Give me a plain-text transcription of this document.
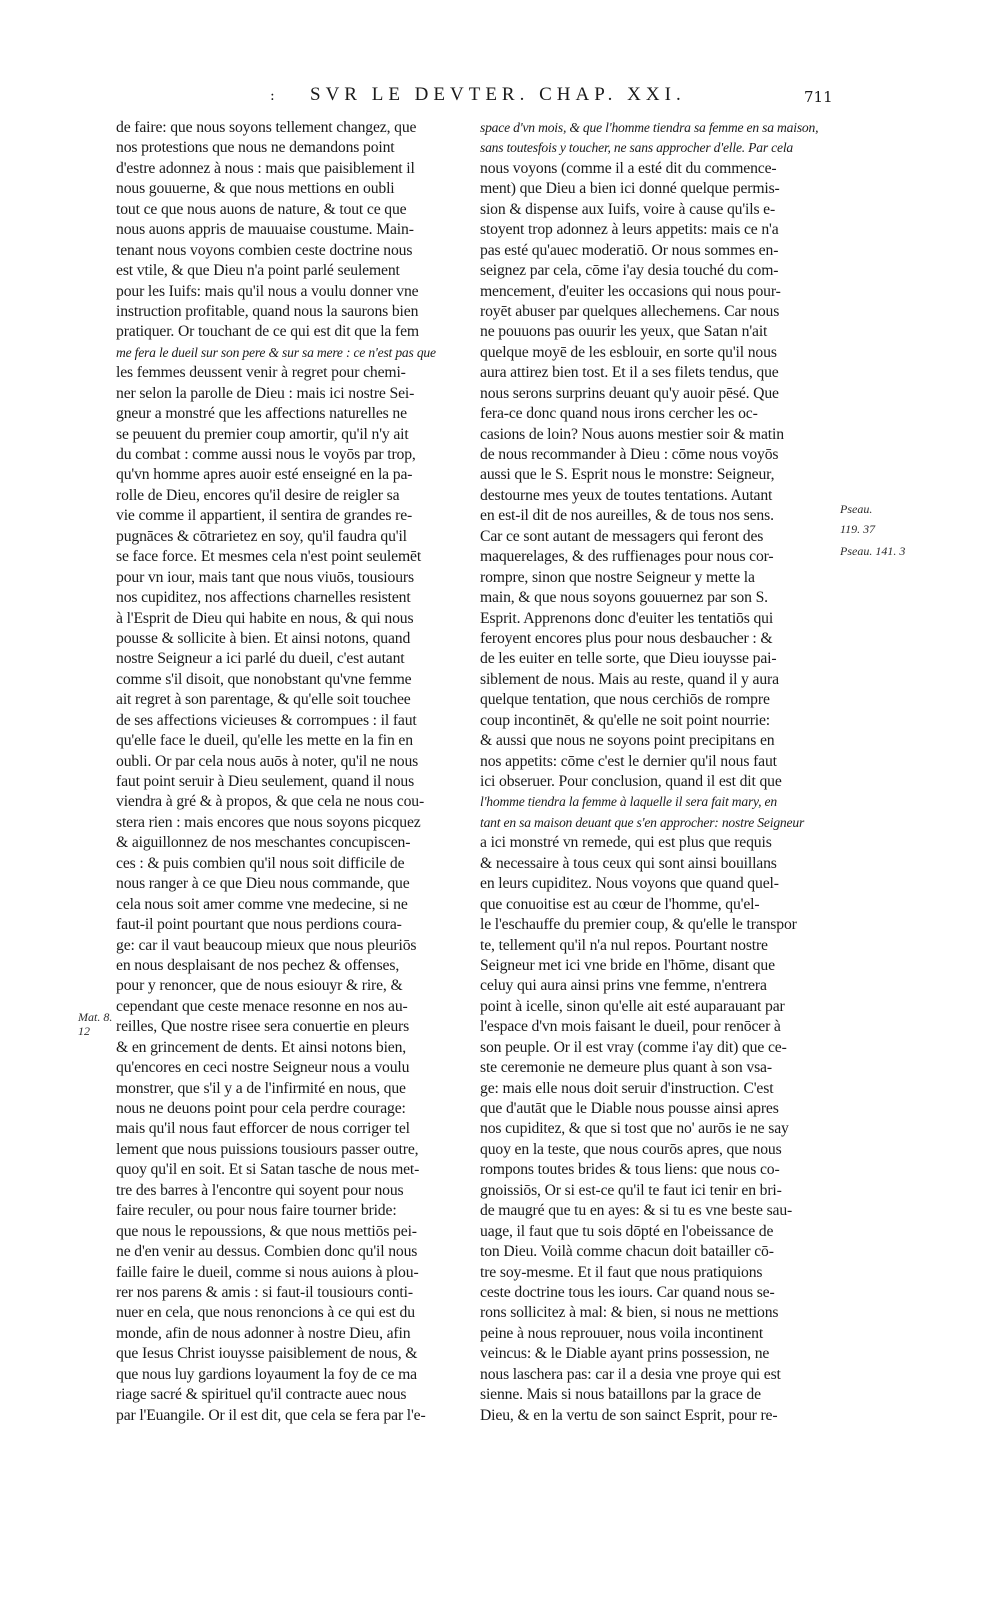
: SVR LE DEVTER. CHAP. XXI.	711
de faire: que nous soyons tellement changez, que
nos protestions que nous ne demandons point
d'estre adonnez à nous : mais que paisiblement il
nous gouuerne, & que nous mettions en oubli
tout ce que nous auons de nature, & tout ce que
nous auons appris de mauuaise coustume. Main-
tenant nous voyons combien ceste doctrine nous
est vtile, & que Dieu n'a point parlé seulement
pour les Iuifs: mais qu'il nous a voulu donner vne
instruction profitable, quand nous la saurons bien
pratiquer. Or touchant de ce qui est dit que la fem
me fera le dueil sur son pere & sur sa mere : ce n'est pas que
les femmes deussent venir à regret pour chemi-
ner selon la parolle de Dieu : mais ici nostre Sei-
gneur a monstré que les affections naturelles ne
se peuuent du premier coup amortir, qu'il n'y ait
du combat : comme aussi nous le voyōs par trop,
qu'vn homme apres auoir esté enseigné en la pa-
rolle de Dieu, encores qu'il desire de reigler sa
vie comme il appartient, il sentira de grandes re-
pugnāces & cōtrarietez en soy, qu'il faudra qu'il
se face force. Et mesmes cela n'est point seulemēt
pour vn iour, mais tant que nous viuōs, tousiours
nos cupiditez, nos affections charnelles resistent
à l'Esprit de Dieu qui habite en nous, & qui nous
pousse & sollicite à bien. Et ainsi notons, quand
nostre Seigneur a ici parlé du dueil, c'est autant
comme s'il disoit, que nonobstant qu'vne femme
ait regret à son parentage, & qu'elle soit touchee
de ses affections vicieuses & corrompues : il faut
qu'elle face le dueil, qu'elle les mette en la fin en
oubli. Or par cela nous auōs à noter, qu'il ne nous
faut point seruir à Dieu seulement, quand il nous
viendra à gré & à propos, & que cela ne nous cou-
stera rien : mais encores que nous soyons picquez
& aiguillonnez de nos meschantes concupiscen-
ces : & puis combien qu'il nous soit difficile de
nous ranger à ce que Dieu nous commande, que
cela nous soit amer comme vne medecine, si ne
faut-il point pourtant que nous perdions coura-
ge: car il vaut beaucoup mieux que nous pleuriōs
en nous desplaisant de nos pechez & offenses,
pour y renoncer, que de nous esiouyr & rire, &
cependant que ceste menace resonne en nos au-
reilles, Que nostre risee sera conuertie en pleurs
& en grincement de dents. Et ainsi notons bien,
qu'encores en ceci nostre Seigneur nous a voulu
monstrer, que s'il y a de l'infirmité en nous, que
nous ne deuons point pour cela perdre courage:
mais qu'il nous faut efforcer de nous corriger tel
lement que nous puissions tousiours passer outre,
quoy qu'il en soit. Et si Satan tasche de nous met-
tre des barres à l'encontre qui soyent pour nous
faire reculer, ou pour nous faire tourner bride:
que nous le repoussions, & que nous mettiōs pei-
ne d'en venir au dessus. Combien donc qu'il nous
faille faire le dueil, comme si nous auions à plou-
rer nos parens & amis : si faut-il tousiours conti-
nuer en cela, que nous renoncions à ce qui est du
monde, afin de nous adonner à nostre Dieu, afin
que Iesus Christ iouysse paisiblement de nous, &
que nous luy gardions loyaument la foy de ce ma
riage sacré & spirituel qu'il contracte auec nous
par l'Euangile. Or il est dit, que cela se fera par l'e-
space d'vn mois, & que l'homme tiendra sa femme en sa maison,
sans toutesfois y toucher, ne sans approcher d'elle. Par cela
nous voyons (comme il a esté dit du commence-
ment) que Dieu a bien ici donné quelque permis-
sion & dispense aux Iuifs, voire à cause qu'ils e-
stoyent trop adonnez à leurs appetits: mais ce n'a
pas esté qu'auec moderatiō. Or nous sommes en-
seignez par cela, cōme i'ay desia touché du com-
mencement, d'euiter les occasions qui nous pour-
royēt abuser par quelques allechemens. Car nous
ne pouuons pas ouurir les yeux, que Satan n'ait
quelque moyē de les esblouir, en sorte qu'il nous
aura attirez bien tost. Et il a ses filets tendus, que
nous serons surprins deuant qu'y auoir pēsé. Que
fera-ce donc quand nous irons cercher les oc-
casions de loin? Nous auons mestier soir & matin
de nous recommander à Dieu : cōme nous voyōs
aussi que le S. Esprit nous le monstre: Seigneur,
destourne mes yeux de toutes tentations. Autant
en est-il dit de nos aureilles, & de tous nos sens.
Car ce sont autant de messagers qui feront des
maquerelages, & des ruffienages pour nous cor-
rompre, sinon que nostre Seigneur y mette la
main, & que nous soyons gouuernez par son S.
Esprit. Apprenons donc d'euiter les tentatiōs qui
feroyent encores plus pour nous desbaucher : &
de les euiter en telle sorte, que Dieu iouysse pai-
siblement de nous. Mais au reste, quand il y aura
quelque tentation, que nous cerchiōs de rompre
coup incontinēt, & qu'elle ne soit point nourrie:
& aussi que nous ne soyons point precipitans en
nos appetits: cōme c'est le dernier qu'il nous faut
ici obseruer. Pour conclusion, quand il est dit que
l'homme tiendra la femme à laquelle il sera fait mary, en
tant en sa maison deuant que s'en approcher: nostre Seigneur
a ici monstré vn remede, qui est plus que requis
& necessaire à tous ceux qui sont ainsi bouillans
en leurs cupiditez. Nous voyons que quand quel-
que conuoitise est au cœur de l'homme, qu'el-
le l'eschauffe du premier coup, & qu'elle le transpor
te, tellement qu'il n'a nul repos. Pourtant nostre
Seigneur met ici vne bride en l'hōme, disant que
celuy qui aura ainsi prins vne femme, n'entrera
point à icelle, sinon qu'elle ait esté auparauant par
l'espace d'vn mois faisant le dueil, pour renōcer à
son peuple. Or il est vray (comme i'ay dit) que ce-
ste ceremonie ne demeure plus quant à son vsa-
ge: mais elle nous doit seruir d'instruction. C'est
que d'autāt que le Diable nous pousse ainsi apres
nos cupiditez, & que si tost que no' aurōs ie ne say
quoy en la teste, que nous courōs apres, que nous
rompons toutes brides & tous liens: que nous co-
gnoissiōs, Or si est-ce qu'il te faut ici tenir en bri-
de maugré que tu en ayes: & si tu es vne beste sau-
uage, il faut que tu sois dōpté en l'obeissance de
ton Dieu. Voilà comme chacun doit batailler cō-
tre soy-mesme. Et il faut que nous pratiquions
ceste doctrine tous les iours. Car quand nous se-
rons sollicitez à mal: & bien, si nous ne mettions
peine à nous reprouuer, nous voila incontinent
veincus: & le Diable ayant prins possession, ne
nous laschera pas: car il a desia vne proye qui est
sienne. Mais si nous bataillons par la grace de
Dieu, & en la vertu de son sainct Esprit, pour re-
Mat. 8.
12
Pseau.
119. 37
Pseau. 141. 3
